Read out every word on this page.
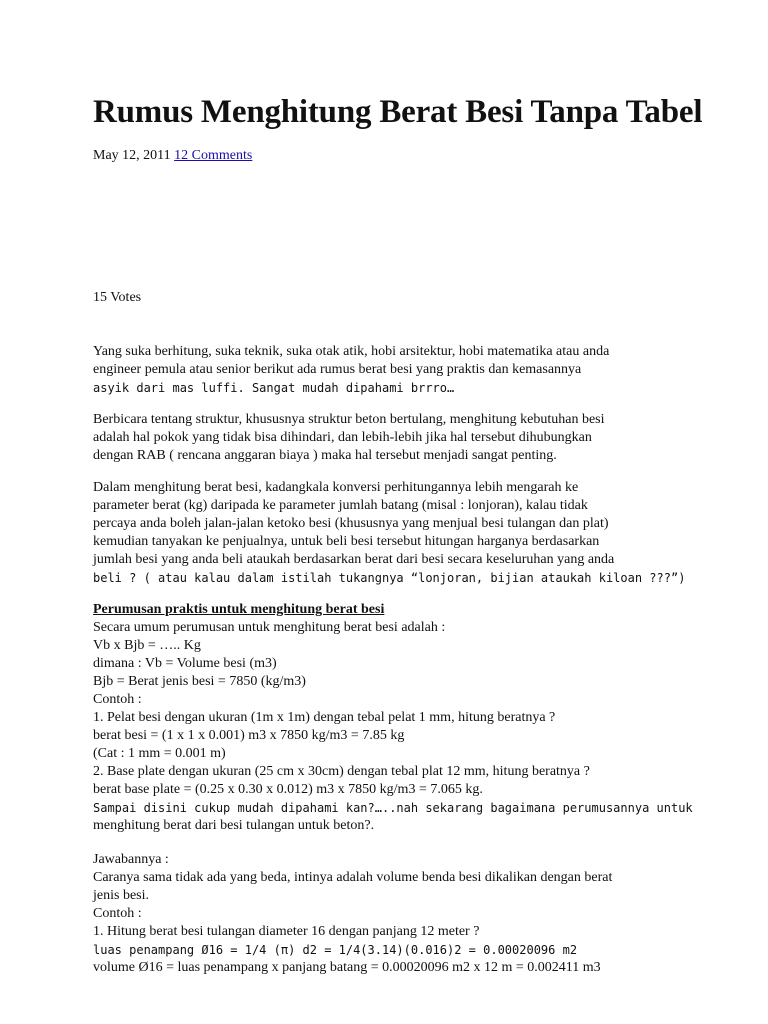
Rumus Menghitung Berat Besi Tanpa Tabel
May 12, 2011 12 Comments
15 Votes

Yang suka berhitung, suka teknik, suka otak atik, hobi arsitektur, hobi matematika atau anda
engineer pemula atau senior berikut ada rumus berat besi yang praktis dan kemasannya
asyik dari mas luffi. Sangat mudah dipahami brrro…

Berbicara tentang struktur, khususnya struktur beton bertulang, menghitung kebutuhan besi
adalah hal pokok yang tidak bisa dihindari, dan lebih-lebih jika hal tersebut dihubungkan
dengan RAB ( rencana anggaran biaya ) maka hal tersebut menjadi sangat penting.

Dalam menghitung berat besi, kadangkala konversi perhitungannya lebih mengarah ke
parameter berat (kg) daripada ke parameter jumlah batang (misal : lonjoran), kalau tidak
percaya anda boleh jalan-jalan ketoko besi (khususnya yang menjual besi tulangan dan plat)
kemudian tanyakan ke penjualnya, untuk beli besi tersebut hitungan harganya berdasarkan
jumlah besi yang anda beli ataukah berdasarkan berat dari besi secara keseluruhan yang anda
beli ? ( atau kalau dalam istilah tukangnya “lonjoran, bijian ataukah kiloan ???”)

Perumusan praktis untuk menghitung berat besi
Secara umum perumusan untuk menghitung berat besi adalah :
Vb x Bjb = ….. Kg
dimana : Vb = Volume besi (m3)
Bjb = Berat jenis besi = 7850 (kg/m3)
Contoh :
1. Pelat besi dengan ukuran (1m x 1m) dengan tebal pelat 1 mm, hitung beratnya ?
berat besi = (1 x 1 x 0.001) m3 x 7850 kg/m3 = 7.85 kg
(Cat : 1 mm = 0.001 m)
2. Base plate dengan ukuran (25 cm x 30cm) dengan tebal plat 12 mm, hitung beratnya ?
berat base plate = (0.25 x 0.30 x 0.012) m3 x 7850 kg/m3 = 7.065 kg.
Sampai disini cukup mudah dipahami kan?…..nah sekarang bagaimana perumusannya untuk
menghitung berat dari besi tulangan untuk beton?.
Jawabannya :
Caranya sama tidak ada yang beda, intinya adalah volume benda besi dikalikan dengan berat
jenis besi.
Contoh :
1. Hitung berat besi tulangan diameter 16 dengan panjang 12 meter ?
luas penampang Ø16 = 1/4 (π) d2 = 1/4(3.14)(0.016)2 = 0.00020096 m2
volume Ø16 = luas penampang x panjang batang = 0.00020096 m2 x 12 m = 0.002411 m3
